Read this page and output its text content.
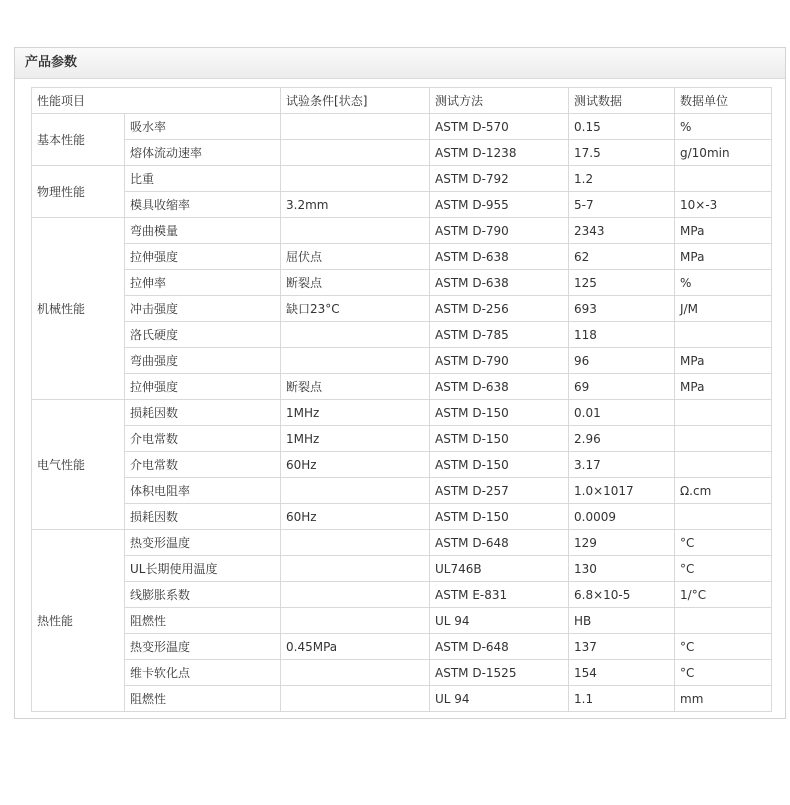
产品参数
性能项目		试验条件[状态]	测试方法	测试数据	数据单位
基本性能	吸水率		ASTM D-570	0.15	%
	熔体流动速率		ASTM D-1238	17.5	g/10min
物理性能	比重		ASTM D-792	1.2	
	模具收缩率	3.2mm	ASTM D-955	5-7	10×-3
机械性能	弯曲模量		ASTM D-790	2343	MPa
	拉伸强度	屈伏点	ASTM D-638	62	MPa
	拉伸率	断裂点	ASTM D-638	125	%
	冲击强度	缺口23°C	ASTM D-256	693	J/M
	洛氏硬度		ASTM D-785	118	
	弯曲强度		ASTM D-790	96	MPa
	拉伸强度	断裂点	ASTM D-638	69	MPa
电气性能	损耗因数	1MHz	ASTM D-150	0.01	
	介电常数	1MHz	ASTM D-150	2.96	
	介电常数	60Hz	ASTM D-150	3.17	
	体积电阻率		ASTM D-257	1.0×1017	Ω.cm
	损耗因数	60Hz	ASTM D-150	0.0009	
热性能	热变形温度		ASTM D-648	129	°C
	UL长期使用温度		UL746B	130	°C
	线膨胀系数		ASTM E-831	6.8×10-5	1/°C
	阻燃性		UL 94	HB	
	热变形温度	0.45MPa	ASTM D-648	137	°C
	维卡软化点		ASTM D-1525	154	°C
	阻燃性		UL 94	1.1	mm
